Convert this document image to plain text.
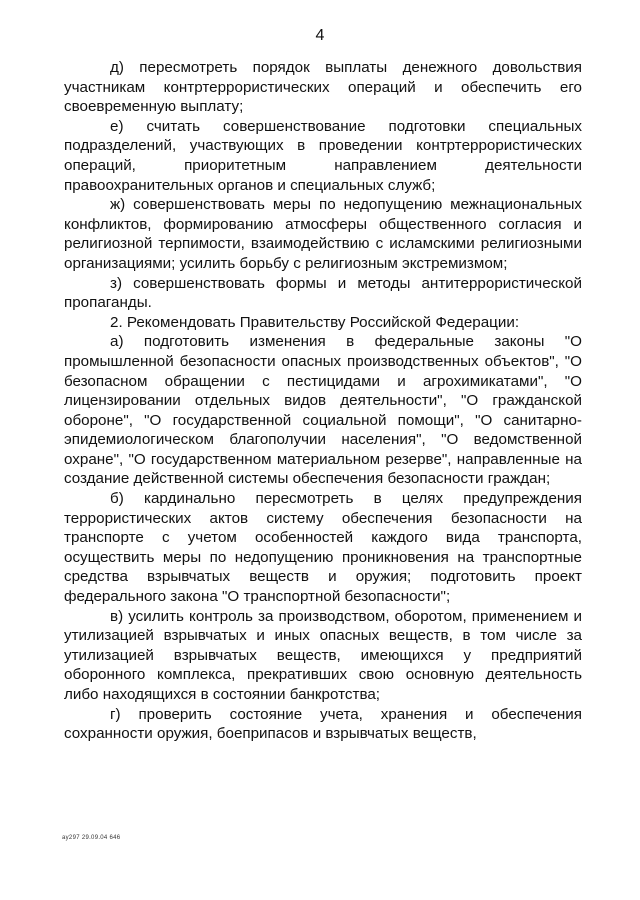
4

д) пересмотреть порядок выплаты денежного довольствия участникам контртеррористических операций и обеспечить его своевременную выплату;

е) считать совершенствование подготовки специальных подразделений, участвующих в проведении контртеррористических операций, приоритетным направлением деятельности правоохранительных органов и специальных служб;

ж) совершенствовать меры по недопущению межнациональных конфликтов, формированию атмосферы общественного согласия и религиозной терпимости, взаимодействию с исламскими религиозными организациями; усилить борьбу с религиозным экстремизмом;

з) совершенствовать формы и методы антитеррористической пропаганды.

2. Рекомендовать Правительству Российской Федерации:

а) подготовить изменения в федеральные законы "О промышленной безопасности опасных производственных объектов", "О безопасном обращении с пестицидами и агрохимикатами", "О лицензировании отдельных видов деятельности", "О гражданской обороне", "О государственной социальной помощи", "О санитарно-эпидемиологическом благополучии населения", "О ведомственной охране", "О государственном материальном резерве", направленные на создание действенной системы обеспечения безопасности граждан;

б) кардинально пересмотреть в целях предупреждения террористических актов систему обеспечения безопасности на транспорте с учетом особенностей каждого вида транспорта, осуществить меры по недопущению проникновения на транспортные средства взрывчатых веществ и оружия; подготовить проект федерального закона "О транспортной безопасности";

в) усилить контроль за производством, оборотом, применением и утилизацией взрывчатых и иных опасных веществ, в том числе за утилизацией взрывчатых веществ, имеющихся у предприятий оборонного комплекса, прекративших свою основную деятельность либо находящихся в состоянии банкротства;

г) проверить состояние учета, хранения и обеспечения сохранности оружия, боеприпасов и взрывчатых веществ,

ay297 29.09.04 646
